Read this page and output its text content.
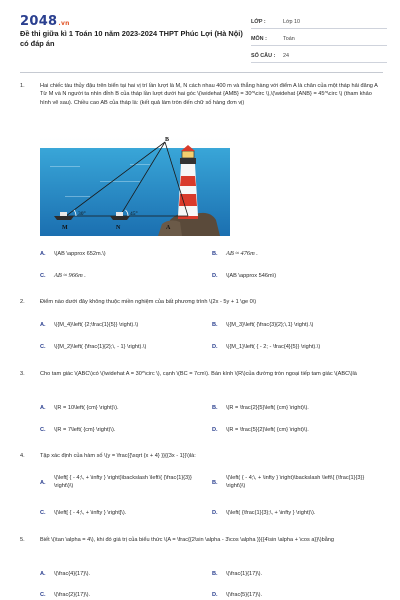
2048.vn
Đề thi giữa kì 1 Toán 10 năm 2023-2024 THPT Phúc Lợi (Hà Nội) có đáp án
LỚP :	Lớp 10
MÔN :	Toán
SỐ CÂU :	24
1.	Hai chiếc tàu thủy đậu trên biển tại hai vị trí lần lượt là M, N cách nhau 400 m và thẳng hàng với điểm A là chân của một tháp hải đăng A Từ M và N người ta nhìn đỉnh B của tháp lần lượt dưới hai góc \(\widehat {AMB} = 30^\circ \),\(\widehat {ANB} = 45^\circ \) (tham khảo hình vẽ sau). Chiều cao AB của tháp là: (kết quả làm tròn đến chữ số hàng đơn vị)
B
M	N	A
30°	45°
A. \(AB \approx 652m.\)	B. AB ≈ 476m .
C. AB ≈ 966m .	D. \(AB \approx 546m\)
2.	Điểm nào dưới đây không thuộc miền nghiệm của bất phương trình \(2x - 5y + 1 \ge 0\)
A. \({M_4}\left( {2;\frac{1}{5}} \right).\)	B. \({M_3}\left( {\frac{3}{2};\,1} \right).\)
C. \({M_2}\left( {\frac{1}{2};\, - 1} \right).\)	D. \({M_1}\left( { - 2; - \frac{4}{5}} \right).\)
3.	Cho tam giác \(ABC\)có \(\widehat A = 30^\circ \), cạnh \(BC = 7cm\). Bán kính \(R\)của đường tròn ngoại tiếp tam giác \(ABC\)là
A. \(R = 10\left( {cm} \right)\).	B. \(R = \frac{2}{5}\left( {cm} \right)\).
C. \(R = 7\left( {cm} \right)\).	D. \(R = \frac{5}{2}\left( {cm} \right)\).
4.	Tập xác định của hàm số \(y = \frac{{\sqrt {x + 4} }}{{3x - 1}}\)là:
A.\(\left[ { - 4;\, + \infty } \right)\backslash \left\{ {\frac{1}{3}} \right\}\)	B.\(\left( { - 4;\, + \infty } \right)\backslash \left\{ {\frac{1}{3}} \right\}\)
C. \(\left[ { - 4;\, + \infty } \right]\).	D. \(\left( {\frac{1}{3};\, + \infty } \right)\).
5.	Biết \(\tan \alpha = 4\), khi đó giá trị của biểu thức \(A = \frac{{2\sin \alpha - 3\cos \alpha }}{{4\sin \alpha + \cos a}}\)bằng
A. \(\frac{4}{17}\).	B. \(\frac{1}{17}\).
C. \(\frac{2}{17}\).	D. \(\frac{5}{17}\).
